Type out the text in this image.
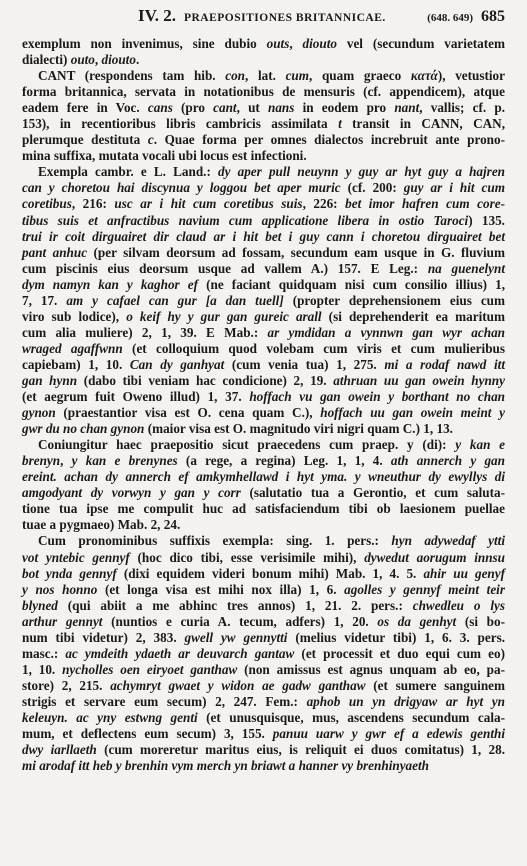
IV. 2. PRAEPOSITIONES BRITANNICAE.	(648. 649) 685
exemplum non invenimus, sine dubio outs, diouto vel (secundum varietatem
dialecti) outo, diouto.
CANT (respondens tam hib. con, lat. cum, quam graeco κατά), vetustior
forma britannica, servata in notationibus de mensuris (cf. appendicem), atque
eadem fere in Voc. cans (pro cant, ut nans in eodem pro nant, vallis; cf. p.
153), in recentioribus libris cambricis assimilata t transit in CANN, CAN,
plerumque destituta c. Quae forma per omnes dialectos increbruit ante prono-
mina suffixa, mutata vocali ubi locus est infectioni.
Exempla cambr. e L. Land.: dy aper pull neuynn y guy ar hyt guy a hajren
can y choretou hai discynua y loggou bet aper muric (cf. 200: guy ar i hit cum
coretibus, 216: usc ar i hit cum coretibus suis, 226: bet imor hafren cum core-
tibus suis et anfractibus navium cum applicatione libera in ostio Taroci) 135.
trui ir coit dirguairet dir claud ar i hit bet i guy cann i choretou dirguairet bet
pant anhuc (per silvam deorsum ad fossam, secundum eam usque in G. fluvium
cum piscinis eius deorsum usque ad vallem A.) 157. E Leg.: na guenelynt
dym namyn kan y kaghor ef (ne faciant quidquam nisi cum consilio illius) 1,
7, 17. am y cafael can gur [a dan tuell] (propter deprehensionem eius cum
viro sub lodice), o keif hy y gur gan gureic arall (si deprehenderit ea maritum
cum alia muliere) 2, 1, 39. E Mab.: ar ymdidan a vynnwn gan wyr achan
wraged agaffwnn (et colloquium quod volebam cum viris et cum mulieribus
capiebam) 1, 10. Can dy ganhyat (cum venia tua) 1, 275. mi a rodaf nawd itt
gan hynn (dabo tibi veniam hac condicione) 2, 19. athruan uu gan owein hynny
(et aegrum fuit Oweno illud) 1, 37. hoffach vu gan owein y borthant no chan
gynon (praestantior visa est O. cena quam C.), hoffach uu gan owein meint y
gwr du no chan gynon (maior visa est O. magnitudo viri nigri quam C.) 1, 13.
Coniungitur haec praepositio sicut praecedens cum praep. y (di): y kan e
brenyn, y kan e brenynes (a rege, a regina) Leg. 1, 1, 4. ath annerch y gan
ereint. achan dy annerch ef amkymhellawd i hyt yma. y wneuthur dy ewyllys di
amgodyant dy vorwyn y gan y corr (salutatio tua a Gerontio, et cum saluta-
tione tua ipse me compulit huc ad satisfaciendum tibi ob laesionem puellae
tuae a pygmaeo) Mab. 2, 24.
Cum pronominibus suffixis exempla: sing. 1. pers.: hyn adywedaf ytti
vot yntebic gennyf (hoc dico tibi, esse verisimile mihi), dywedut aorugum innsu
bot ynda gennyf (dixi equidem videri bonum mihi) Mab. 1, 4. 5. ahir uu genyf
y nos honno (et longa visa est mihi nox illa) 1, 6. agolles y gennyf meint teir
blyned (qui abiit a me abhinc tres annos) 1, 21. 2. pers.: chwedleu o lys
arthur gennyt (nuntios e curia A. tecum, adfers) 1, 20. os da genhyt (si bo-
num tibi videtur) 2, 383. gwell yw gennytti (melius videtur tibi) 1, 6. 3. pers.
masc.: ac ymdeith ydaeth ar deuvarch gantaw (et processit et duo equi cum eo)
1, 10. nycholles oen eiryoet ganthaw (non amissus est agnus unquam ab eo, pa-
store) 2, 215. achymryt gwaet y widon ae gadw ganthaw (et sumere sanguinem
strigis et servare eum secum) 2, 247. Fem.: aphob un yn drigyaw ar hyt yn
keleuyn. ac yny estwng genti (et unusquisque, mus, ascendens secundum cala-
mum, et deflectens eum secum) 3, 155. panuu uarw y gwr ef a edewis genthi
dwy iarllaeth (cum moreretur maritus eius, is reliquit ei duos comitatus) 1, 28.
mi arodaf itt heb y brenhin vym merch yn briawt a hanner vy brenhinyaeth
